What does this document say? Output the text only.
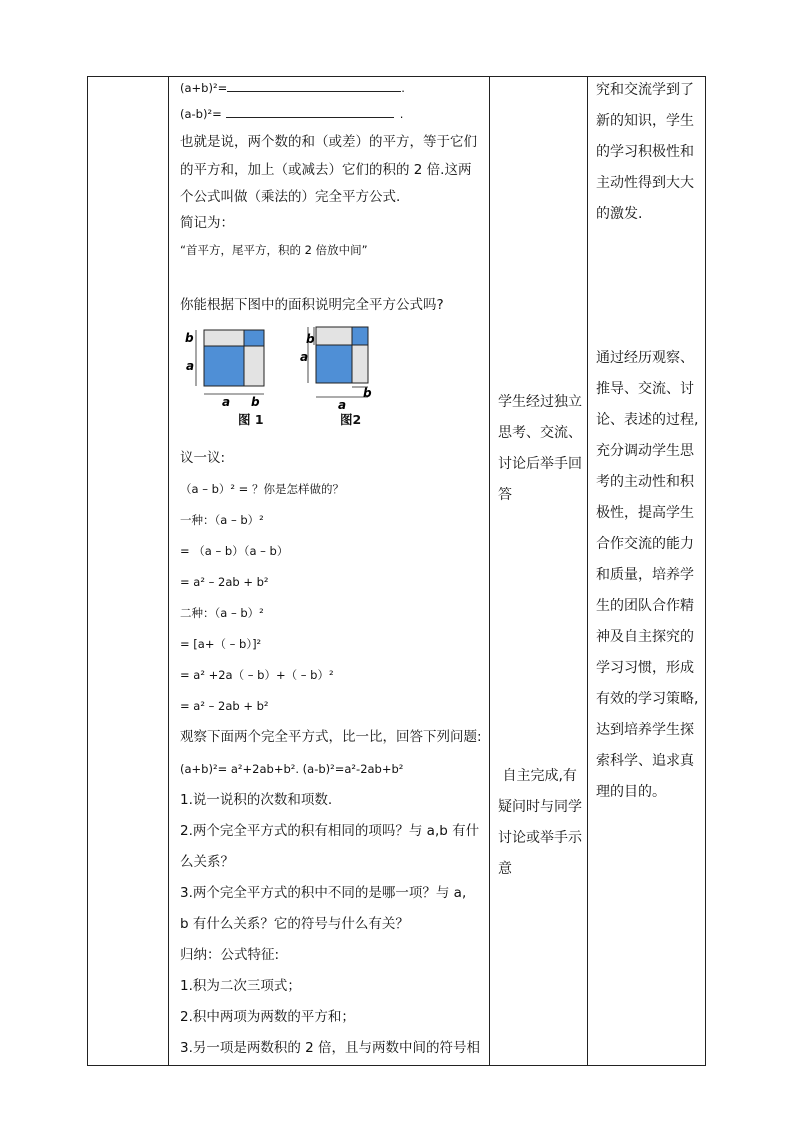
(a+b)²=	.
(a-b)²=	.
也就是说，两个数的和（或差）的平方，等于它们
的平方和，加上（或减去）它们的积的 2 倍.这两
个公式叫做（乘法的）完全平方公式.
简记为：
“首平方，尾平方，积的 2 倍放中间”
你能根据下图中的面积说明完全平方公式吗?
b
a
a b
图 1
a
b
a
b
图2
议一议:
（a – b）² = ？你是怎样做的？
一种：（a – b）²
= （a – b）（a – b）
= a² – 2ab + b²
二种：（a – b）²
= [a+（ – b）]²
= a² +2a（ – b）+（ – b）²
= a² – 2ab + b²
观察下面两个完全平方式，比一比，回答下列问题:
(a+b)²= a²+2ab+b². (a-b)²=a²-2ab+b²
1.说一说积的次数和项数.
2.两个完全平方式的积有相同的项吗？与 a,b 有什
么关系？
3.两个完全平方式的积中不同的是哪一项？与 a,
b 有什么关系？它的符号与什么有关？
归纳：公式特征:
1.积为二次三项式；
2.积中两项为两数的平方和；
3.另一项是两数积的 2 倍，且与两数中间的符号相
学生经过独立
思考、交流、
讨论后举手回
答
自主完成,有
疑问时与同学
讨论或举手示
意
究和交流学到了
新的知识，学生
的学习积极性和
主动性得到大大
的激发.
通过经历观察、
推导、交流、讨
论、表述的过程,
充分调动学生思
考的主动性和积
极性，提高学生
合作交流的能力
和质量，培养学
生的团队合作精
神及自主探究的
学习习惯，形成
有效的学习策略,
达到培养学生探
索科学、追求真
理的目的。
